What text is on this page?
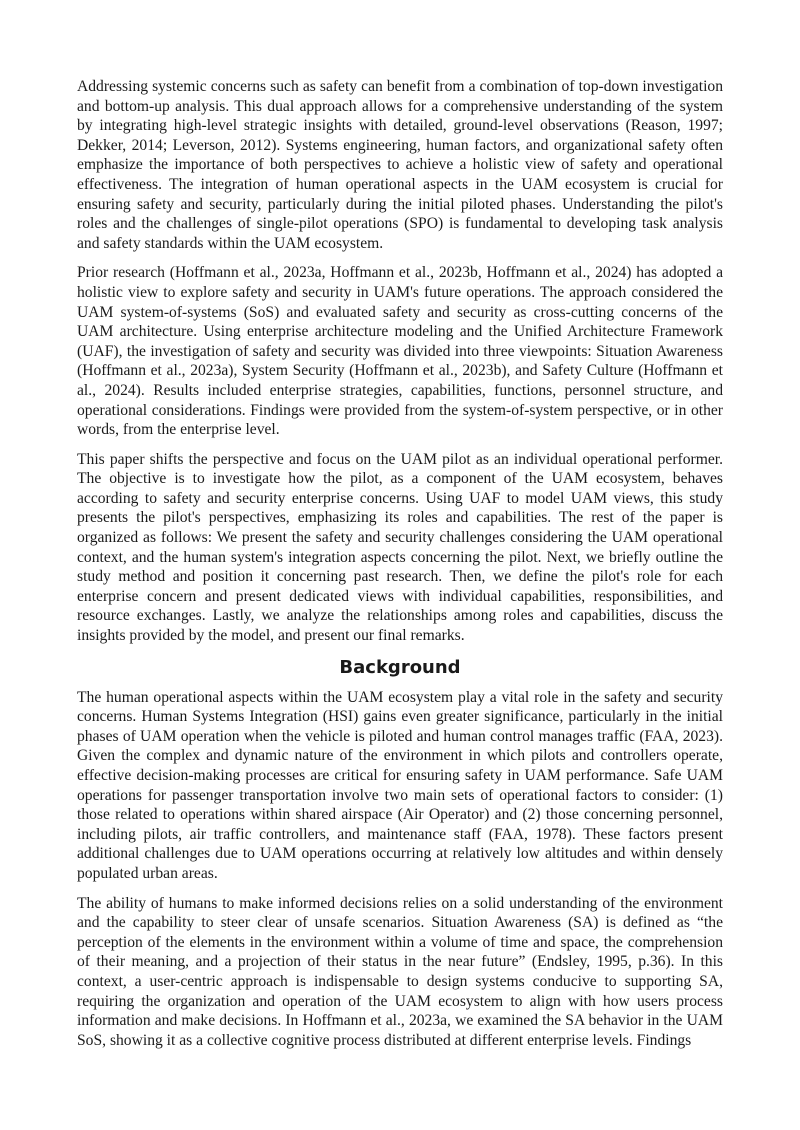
Addressing systemic concerns such as safety can benefit from a combination of top-down investigation and bottom-up analysis. This dual approach allows for a comprehensive understanding of the system by integrating high-level strategic insights with detailed, ground-level observations (Reason, 1997; Dekker, 2014; Leverson, 2012). Systems engineering, human factors, and organizational safety often emphasize the importance of both perspectives to achieve a holistic view of safety and operational effectiveness. The integration of human operational aspects in the UAM ecosystem is crucial for ensuring safety and security, particularly during the initial piloted phases. Understanding the pilot's roles and the challenges of single-pilot operations (SPO) is fundamental to developing task analysis and safety standards within the UAM ecosystem.

Prior research (Hoffmann et al., 2023a, Hoffmann et al., 2023b, Hoffmann et al., 2024) has adopted a holistic view to explore safety and security in UAM's future operations. The approach considered the UAM system-of-systems (SoS) and evaluated safety and security as cross-cutting concerns of the UAM architecture. Using enterprise architecture modeling and the Unified Architecture Framework (UAF), the investigation of safety and security was divided into three viewpoints: Situation Awareness (Hoffmann et al., 2023a), System Security (Hoffmann et al., 2023b), and Safety Culture (Hoffmann et al., 2024). Results included enterprise strategies, capabilities, functions, personnel structure, and operational considerations. Findings were provided from the system-of-system perspective, or in other words, from the enterprise level.

This paper shifts the perspective and focus on the UAM pilot as an individual operational performer. The objective is to investigate how the pilot, as a component of the UAM ecosystem, behaves according to safety and security enterprise concerns. Using UAF to model UAM views, this study presents the pilot's perspectives, emphasizing its roles and capabilities. The rest of the paper is organized as follows: We present the safety and security challenges considering the UAM operational context, and the human system's integration aspects concerning the pilot. Next, we briefly outline the study method and position it concerning past research. Then, we define the pilot's role for each enterprise concern and present dedicated views with individual capabilities, responsibilities, and resource exchanges. Lastly, we analyze the relationships among roles and capabilities, discuss the insights provided by the model, and present our final remarks.

Background

The human operational aspects within the UAM ecosystem play a vital role in the safety and security concerns. Human Systems Integration (HSI) gains even greater significance, particularly in the initial phases of UAM operation when the vehicle is piloted and human control manages traffic (FAA, 2023). Given the complex and dynamic nature of the environment in which pilots and controllers operate, effective decision-making processes are critical for ensuring safety in UAM performance. Safe UAM operations for passenger transportation involve two main sets of operational factors to consider: (1) those related to operations within shared airspace (Air Operator) and (2) those concerning personnel, including pilots, air traffic controllers, and maintenance staff (FAA, 1978). These factors present additional challenges due to UAM operations occurring at relatively low altitudes and within densely populated urban areas.

The ability of humans to make informed decisions relies on a solid understanding of the environment and the capability to steer clear of unsafe scenarios. Situation Awareness (SA) is defined as “the perception of the elements in the environment within a volume of time and space, the comprehension of their meaning, and a projection of their status in the near future” (Endsley, 1995, p.36). In this context, a user-centric approach is indispensable to design systems conducive to supporting SA, requiring the organization and operation of the UAM ecosystem to align with how users process information and make decisions. In Hoffmann et al., 2023a, we examined the SA behavior in the UAM SoS, showing it as a collective cognitive process distributed at different enterprise levels. Findings
